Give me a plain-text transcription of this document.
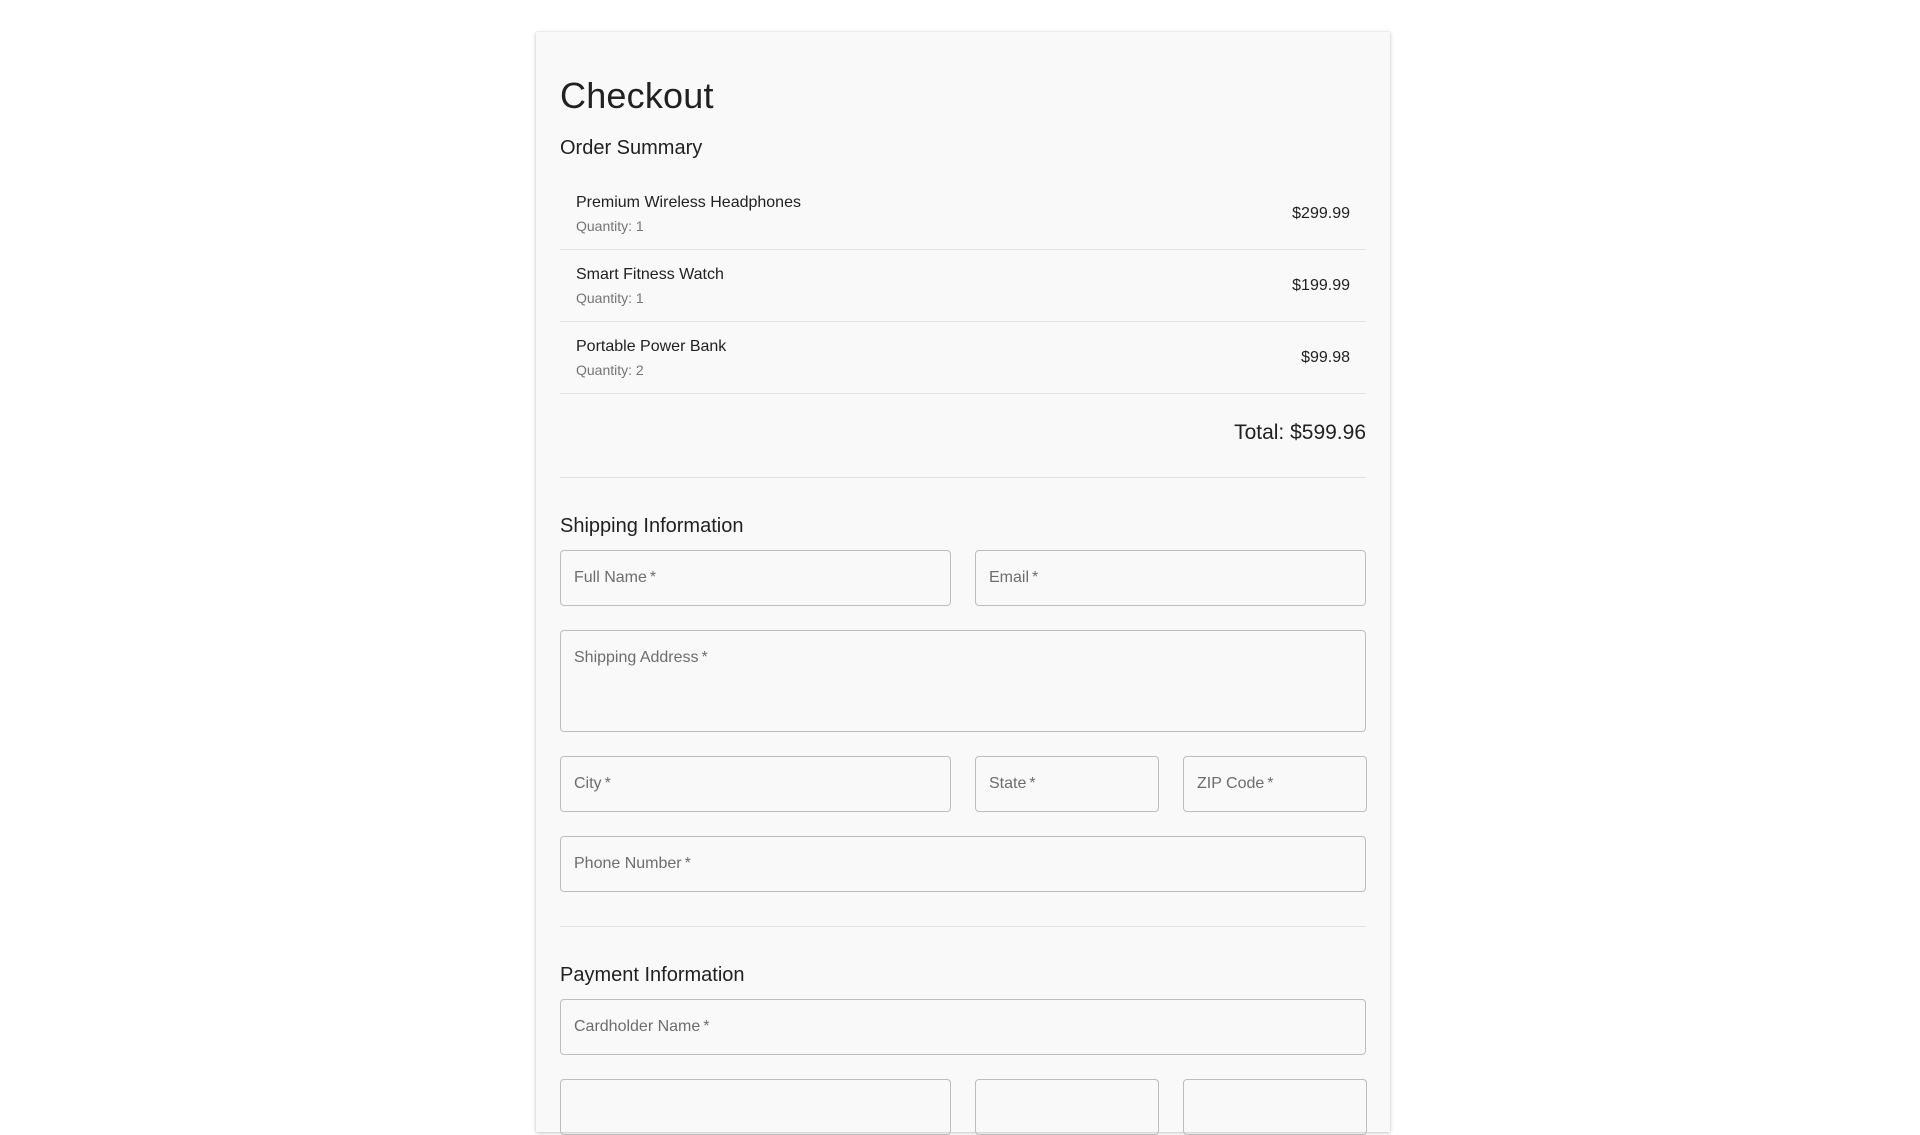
Checkout
Order Summary
Premium Wireless Headphones
Quantity: 1
$299.99
Smart Fitness Watch
Quantity: 1
$199.99
Portable Power Bank
Quantity: 2
$99.98
Total: $599.96
Shipping Information
Full Name *	Email *
Shipping Address *
City *	State *	ZIP Code *
Phone Number *
Payment Information
Cardholder Name *
